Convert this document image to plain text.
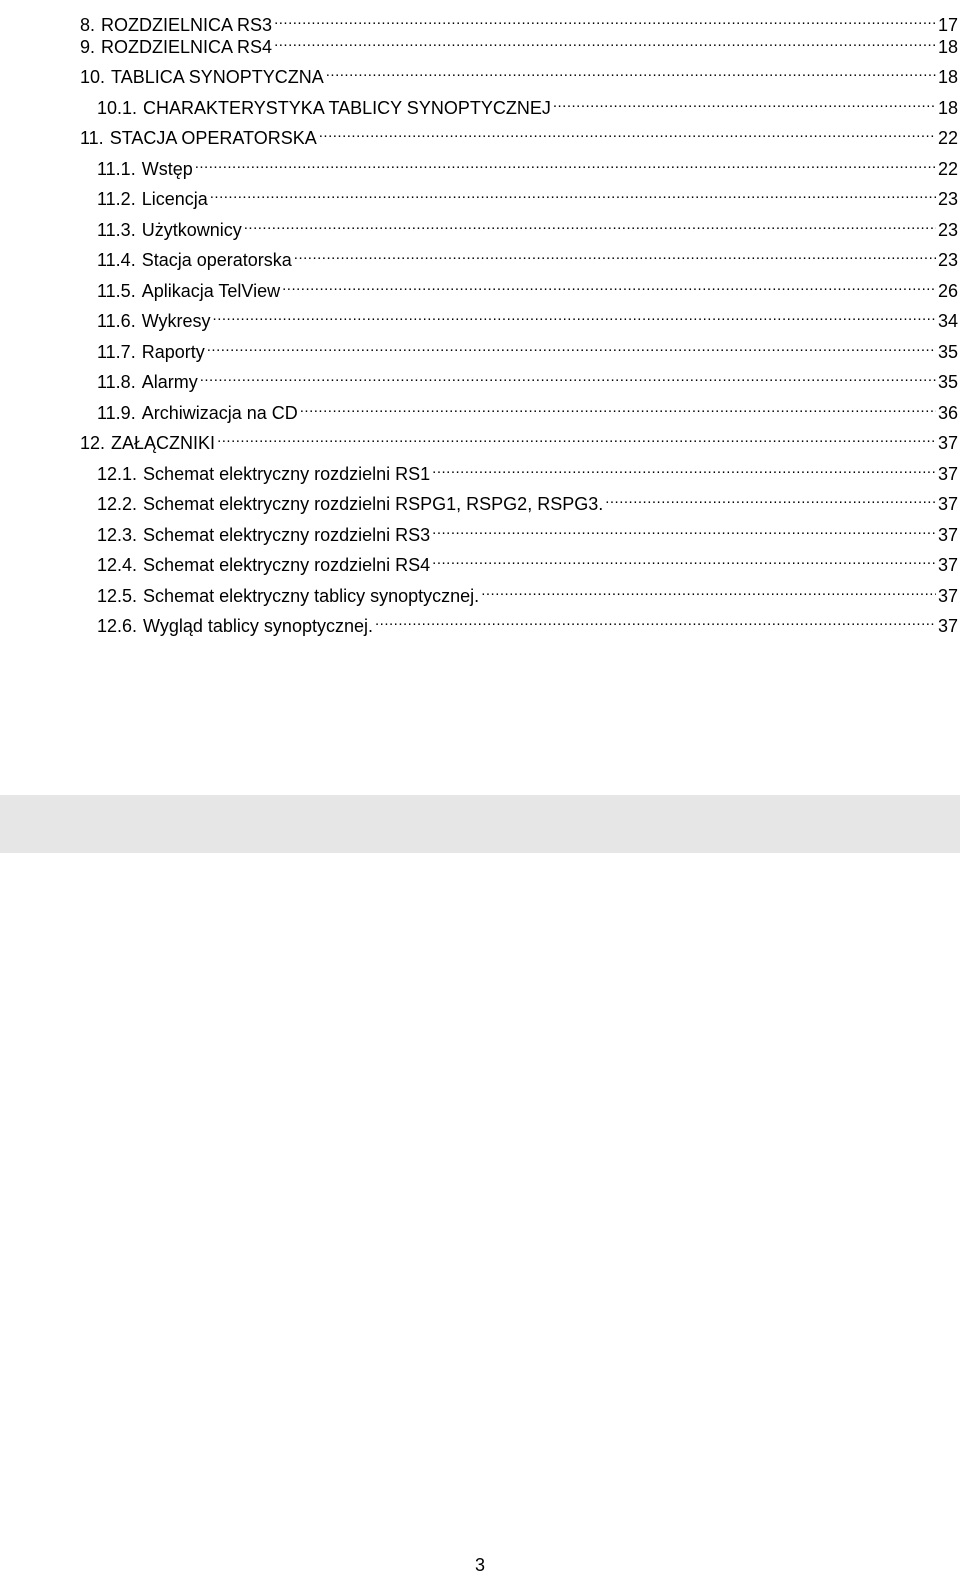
8. ROZDZIELNICA RS3 .....	17
9. ROZDZIELNICA RS4 .....	18
10. TABLICA SYNOPTYCZNA .....	18
10.1. CHARAKTERYSTYKA TABLICY SYNOPTYCZNEJ .....	18
11. STACJA OPERATORSKA .....	22
11.1. Wstęp .....	22
11.2. Licencja .....	23
11.3. Użytkownicy .....	23
11.4. Stacja operatorska .....	23
11.5. Aplikacja TelView .....	26
11.6. Wykresy .....	34
11.7. Raporty .....	35
11.8. Alarmy .....	35
11.9. Archiwizacja na CD .....	36
12. ZAŁĄCZNIKI .....	37
12.1. Schemat elektryczny rozdzielni RS1 .....	37
12.2. Schemat elektryczny rozdzielni RSPG1, RSPG2, RSPG3. .....	37
12.3. Schemat elektryczny rozdzielni RS3 .....	37
12.4. Schemat elektryczny rozdzielni RS4 .....	37
12.5. Schemat elektryczny tablicy synoptycznej. .....	37
12.6. Wygląd tablicy synoptycznej. .....	37
3
